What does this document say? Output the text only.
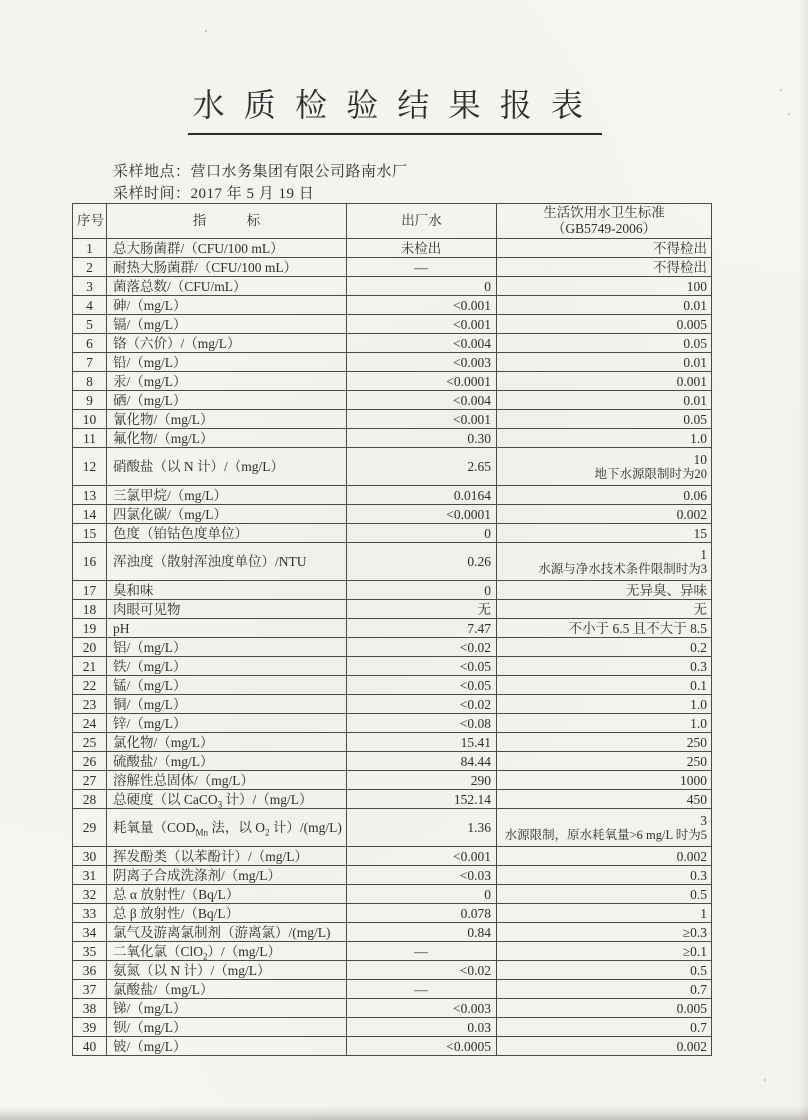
水质检验结果报表
采样地点：营口水务集团有限公司路南水厂
采样时间：2017 年 5 月 19 日
序号	指　　　标	出厂水	生活饮用水卫生标准
（GB5749-2006）

1	总大肠菌群/（CFU/100 mL）	未检出	不得检出
2	耐热大肠菌群/（CFU/100 mL）	—	不得检出
3	菌落总数/（CFU/mL）	0	100
4	砷/（mg/L）	<0.001	0.01
5	镉/（mg/L）	<0.001	0.005
6	铬（六价）/（mg/L）	<0.004	0.05
7	铅/（mg/L）	<0.003	0.01
8	汞/（mg/L）	<0.0001	0.001
9	硒/（mg/L）	<0.004	0.01
10	氰化物/（mg/L）	<0.001	0.05
11	氟化物/（mg/L）	0.30	1.0
12	硝酸盐（以 N 计）/（mg/L）	2.65	10
地下水源限制时为20

13	三氯甲烷/（mg/L）	0.0164	0.06
14	四氯化碳/（mg/L）	<0.0001	0.002
15	色度（铂钴色度单位）	0	15
16	浑浊度（散射浑浊度单位）/NTU	0.26	1
水源与净水技术条件限制时为3

17	臭和味	0	无异臭、异味
18	肉眼可见物	无	无
19	pH	7.47	不小于 6.5 且不大于 8.5
20	铝/（mg/L）	<0.02	0.2
21	铁/（mg/L）	<0.05	0.3
22	锰/（mg/L）	<0.05	0.1
23	铜/（mg/L）	<0.02	1.0
24	锌/（mg/L）	<0.08	1.0
25	氯化物/（mg/L）	15.41	250
26	硫酸盐/（mg/L）	84.44	250
27	溶解性总固体/（mg/L）	290	1000
28	总硬度（以 CaCO$_3$ 计）/（mg/L）	152.14	450
29	耗氧量（$COD_{Mn}$ 法，以 $O_2$ 计）/(mg/L)	1.36	3
水源限制，原水耗氧量>6 mg/L 时为5

30	挥发酚类（以苯酚计）/（mg/L）	<0.001	0.002
31	阴离子合成洗涤剂/（mg/L）	<0.03	0.3
32	总 α 放射性/（Bq/L）	0	0.5
33	总 β 放射性/（Bq/L）	0.078	1
34	氯气及游离氯制剂（游离氯）/(mg/L)	0.84	≥0.3
35	二氧化氯（ClO$_2$）/（mg/L）	—	≥0.1
36	氨氮（以 N 计）/（mg/L）	<0.02	0.5
37	氯酸盐/（mg/L）	—	0.7
38	锑/（mg/L）	<0.003	0.005
39	钡/（mg/L）	0.03	0.7
40	铍/（mg/L）	<0.0005	0.002
